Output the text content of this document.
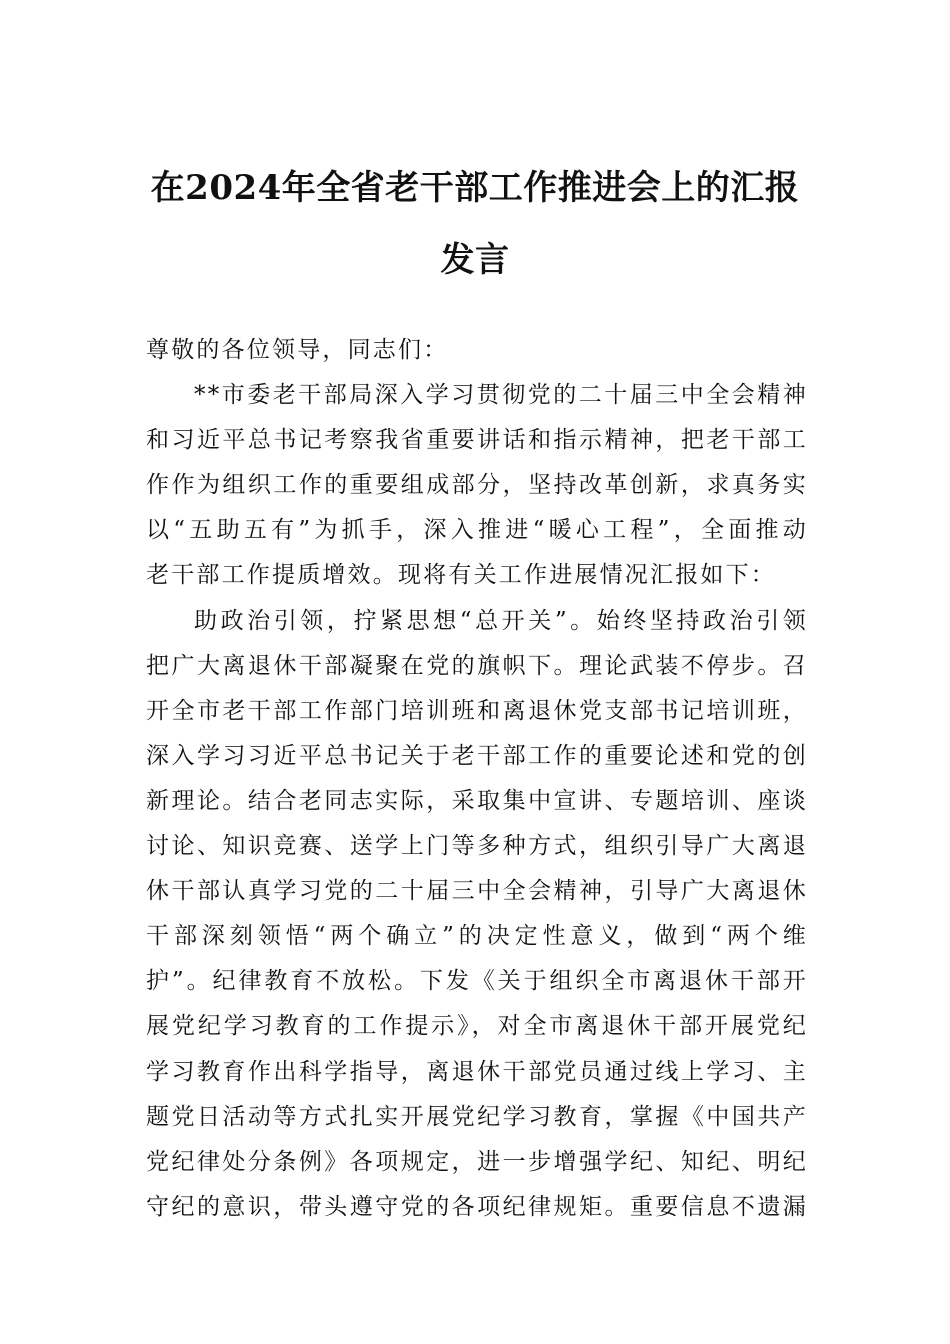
在2024年全省老干部工作推进会上的汇报
发言
尊敬的各位领导，同志们：
**市委老干部局深入学习贯彻党的二十届三中全会精神
和习近平总书记考察我省重要讲话和指示精神，把老干部工
作作为组织工作的重要组成部分，坚持改革创新，求真务实
以“五助五有”为抓手，深入推进“暖心工程”，全面推动
老干部工作提质增效。现将有关工作进展情况汇报如下：
助政治引领，拧紧思想“总开关”。始终坚持政治引领
把广大离退休干部凝聚在党的旗帜下。理论武装不停步。召
开全市老干部工作部门培训班和离退休党支部书记培训班，
深入学习习近平总书记关于老干部工作的重要论述和党的创
新理论。结合老同志实际，采取集中宣讲、专题培训、座谈
讨论、知识竞赛、送学上门等多种方式，组织引导广大离退
休干部认真学习党的二十届三中全会精神，引导广大离退休
干部深刻领悟“两个确立”的决定性意义，做到“两个维
护”。纪律教育不放松。下发《关于组织全市离退休干部开
展党纪学习教育的工作提示》，对全市离退休干部开展党纪
学习教育作出科学指导，离退休干部党员通过线上学习、主
题党日活动等方式扎实开展党纪学习教育，掌握《中国共产
党纪律处分条例》各项规定，进一步增强学纪、知纪、明纪
守纪的意识，带头遵守党的各项纪律规矩。重要信息不遗漏
